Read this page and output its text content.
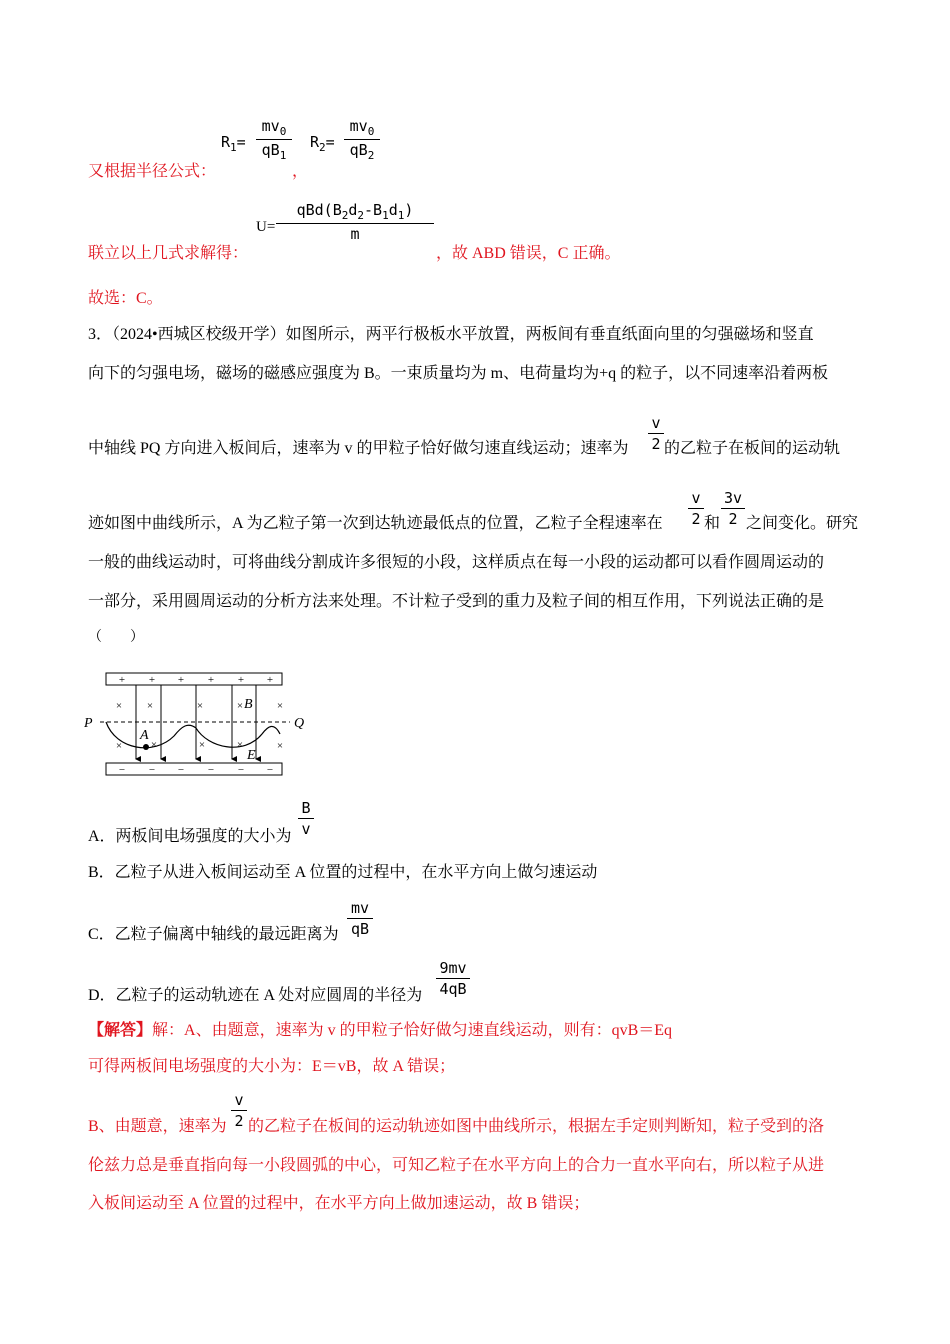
$R_1=$
$mv_0$
$qB_1$
$R_2=$
$mv_0$
$qB_2$
又根据半径公式：	，
U=
$qBd(B_2d_2-B_1d_1)$
m
联立以上几式求解得：	，故 ABD 错误，C 正确。
故选：C。
3．（2024•西城区校级开学）如图所示，两平行极板水平放置，两板间有垂直纸面向里的匀强磁场和竖直
向下的匀强电场，磁场的磁感应强度为 B。一束质量均为 m、电荷量均为+q 的粒子，以不同速率沿着两板
中轴线 PQ 方向进入板间后，速率为 v 的甲粒子恰好做匀速直线运动；速率为
v
2 的乙粒子在板间的运动轨
迹如图中曲线所示，A 为乙粒子第一次到达轨迹最低点的位置，乙粒子全程速率在
v
2 和
3v
2 之间变化。研究
一般的曲线运动时，可将曲线分割成许多很短的小段，这样质点在每一小段的运动都可以看作圆周运动的
一部分，采用圆周运动的分析方法来处理。不计粒子受到的重力及粒子间的相互作用，下列说法正确的是
（　　）
+ + + + + +
− − − − − −
×
×
×
×
×
×
×
×
×
×
P	Q
A
B
E
A．两板间电场强度的大小为
B
v
B．乙粒子从进入板间运动至 A 位置的过程中，在水平方向上做匀速运动
C．乙粒子偏离中轴线的最远距离为
mv
qB
D．乙粒子的运动轨迹在 A 处对应圆周的半径为
9mv
4qB
【解答】解：A、由题意，速率为 v 的甲粒子恰好做匀速直线运动，则有：qvB＝Eq
可得两板间电场强度的大小为：E＝vB，故 A 错误；
B、由题意，速率为
v
2 的乙粒子在板间的运动轨迹如图中曲线所示，根据左手定则判断知，粒子受到的洛
伦兹力总是垂直指向每一小段圆弧的中心，可知乙粒子在水平方向上的合力一直水平向右，所以粒子从进
入板间运动至 A 位置的过程中，在水平方向上做加速运动，故 B 错误；
